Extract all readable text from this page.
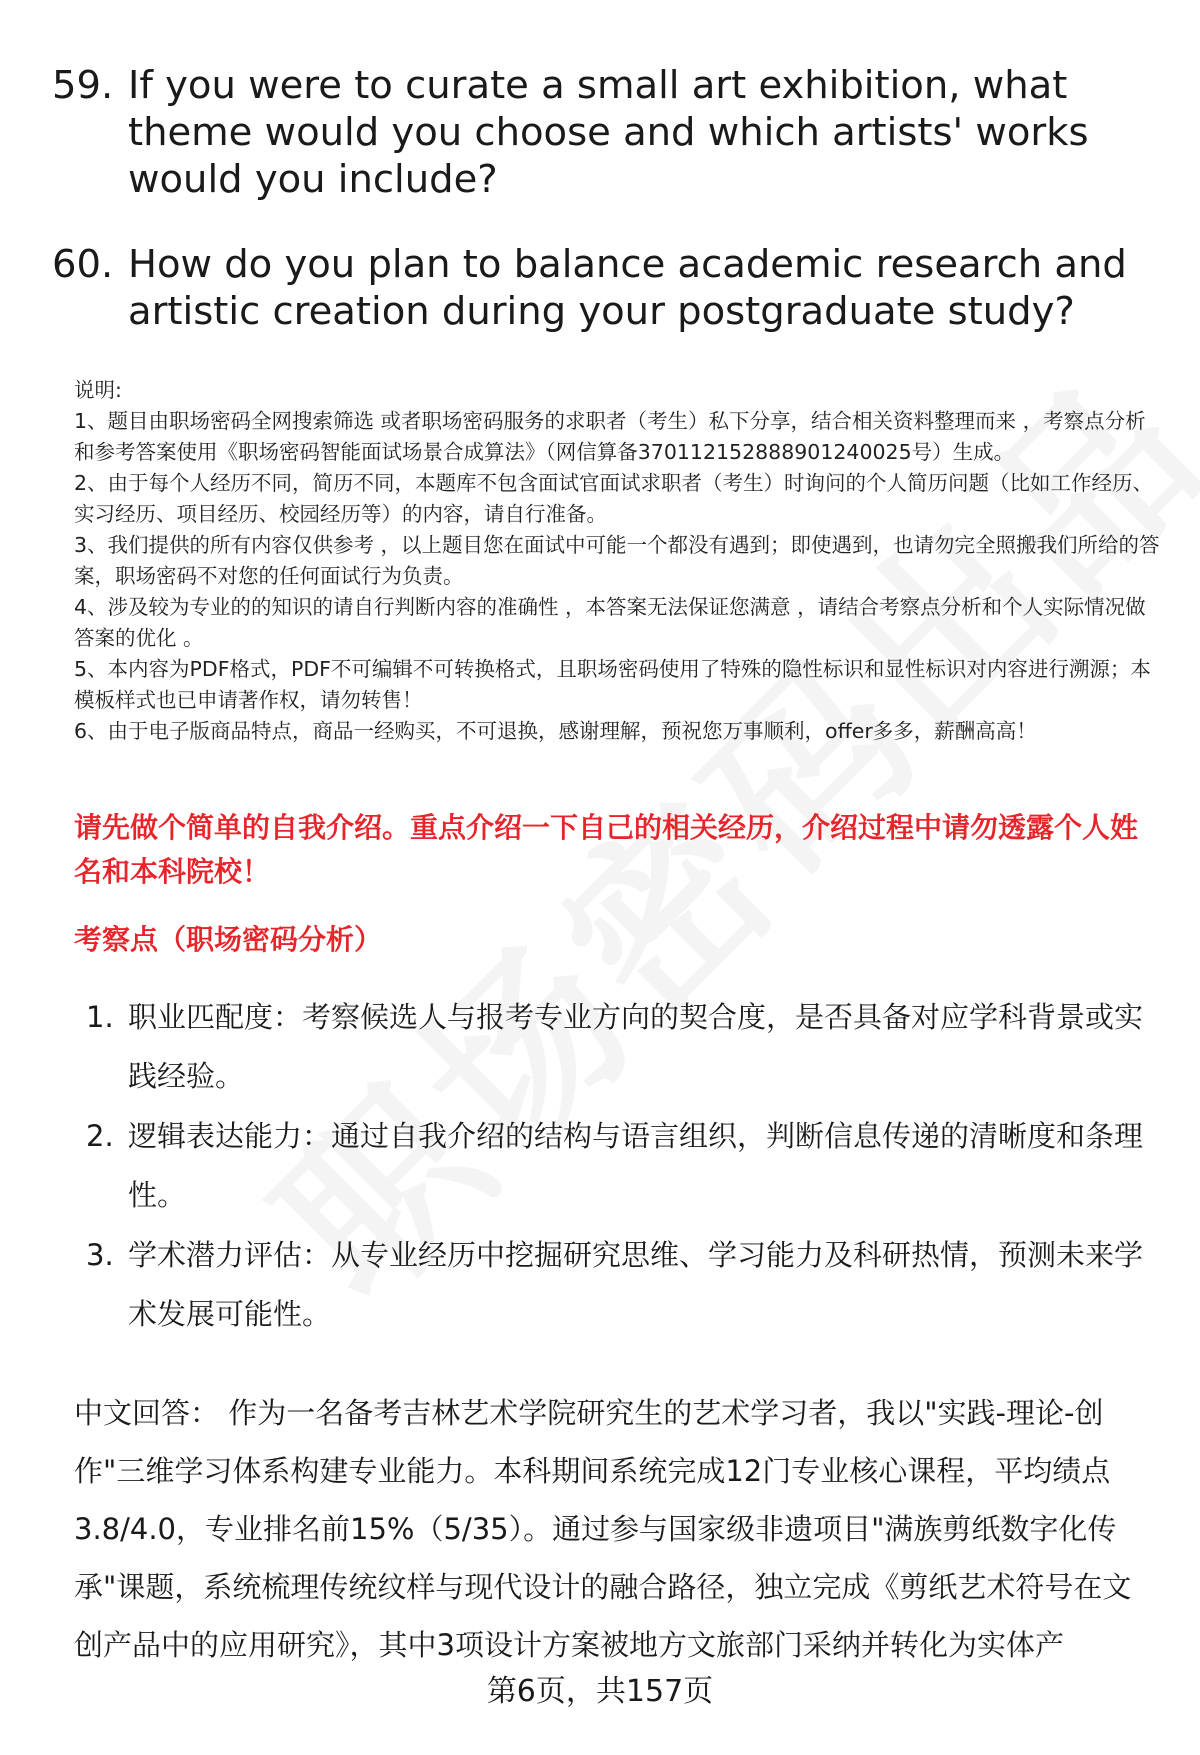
59. If you were to curate a small art exhibition, what theme would you choose and which artists' works would you include?
60. How do you plan to balance academic research and artistic creation during your postgraduate study?

说明:

1、题目由职场密码全网搜索筛选 或者职场密码服务的求职者（考生）私下分享，结合相关资料整理而来 ，考察点分析和参考答案使用《职场密码智能面试场景合成算法》（网信算备370112152888901240025号）生成。

2、由于每个人经历不同，简历不同，本题库不包含面试官面试求职者（考生）时询问的个人简历问题（比如工作经历、实习经历、项目经历、校园经历等）的内容，请自行准备。

3、我们提供的所有内容仅供参考 ，以上题目您在面试中可能一个都没有遇到；即使遇到，也请勿完全照搬我们所给的答案，职场密码不对您的任何面试行为负责。

4、涉及较为专业的的知识的请自行判断内容的准确性 ，本答案无法保证您满意 ，请结合考察点分析和个人实际情况做答案的优化 。

5、本内容为PDF格式，PDF不可编辑不可转换格式，且职场密码使用了特殊的隐性标识和显性标识对内容进行溯源；本模板样式也已申请著作权，请勿转售！

6、由于电子版商品特点，商品一经购买，不可退换，感谢理解，预祝您万事顺利，offer多多，薪酬高高！

请先做个简单的自我介绍。重点介绍一下自己的相关经历，介绍过程中请勿透露个人姓名和本科院校！
考察点（职场密码分析）
1. 职业匹配度：考察候选人与报考专业方向的契合度，是否具备对应学科背景或实践经验。
2. 逻辑表达能力：通过自我介绍的结构与语言组织，判断信息传递的清晰度和条理性。
3. 学术潜力评估：从专业经历中挖掘研究思维、学习能力及科研热情，预测未来学术发展可能性。
中文回答： 作为一名备考吉林艺术学院研究生的艺术学习者，我以"实践-理论-创作"三维学习体系构建专业能力。本科期间系统完成12门专业核心课程，平均绩点3.8/4.0，专业排名前15%（5/35）。通过参与国家级非遗项目"满族剪纸数字化传承"课题，系统梳理传统纹样与现代设计的融合路径，独立完成《剪纸艺术符号在文创产品中的应用研究》，其中3项设计方案被地方文旅部门采纳并转化为实体产
第6页，共157页
